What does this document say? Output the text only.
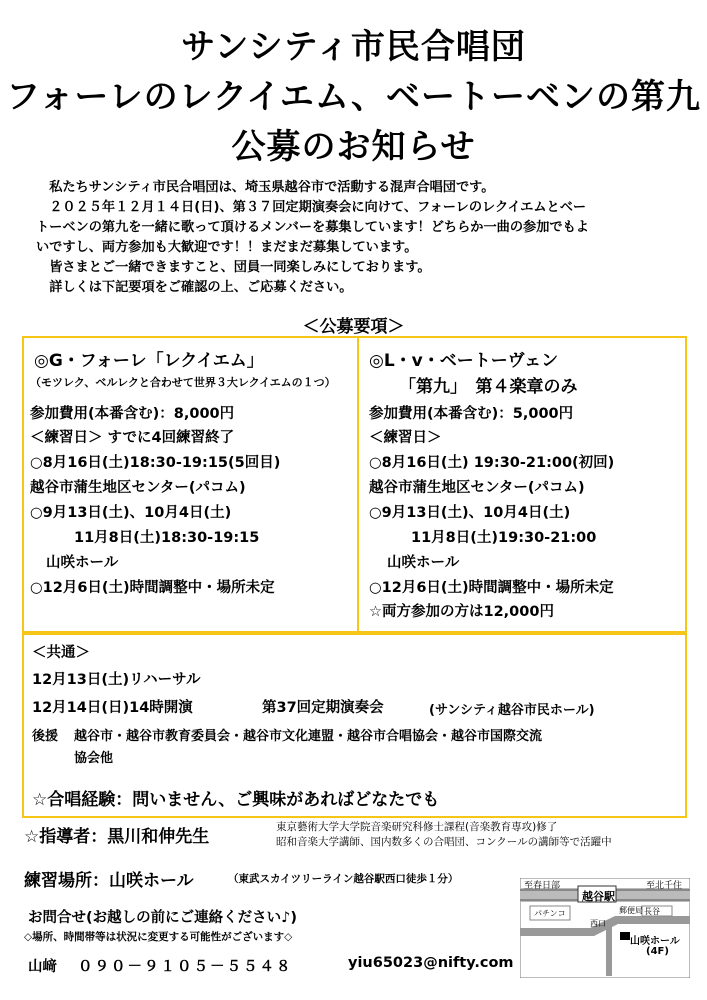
サンシティ市民合唱団
フォーレのレクイエム、ベートーベンの第九
公募のお知らせ

私たちサンシティ市民合唱団は、埼玉県越谷市で活動する混声合唱団です。

２０２５年１２月１４日(日)、第３７回定期演奏会に向けて、フォーレのレクイエムとベー

トーベンの第九を一緒に歌って頂けるメンバーを募集しています！どちらか一曲の参加でもよ

いですし、両方参加も大歓迎です！！まだまだ募集しています。

皆さまとご一緒できますこと、団員一同楽しみにしております。

詳しくは下記要項をご確認の上、ご応募ください。

＜公募要項＞
◎G・フォーレ「レクイエム」
（モツレク、ベルレクと合わせて世界３大レクイエムの１つ）
参加費用(本番含む)：8,000円
＜練習日＞ すでに4回練習終了
○8月16日(土)18:30-19:15(5回目)
越谷市蒲生地区センター(パコム)
○9月13日(土)、10月4日(土)
11月8日(土)18:30-19:15
山咲ホール
○12月6日(土)時間調整中・場所未定
◎L・v・ベートーヴェン
「第九」　第４楽章のみ
参加費用(本番含む)：5,000円
＜練習日＞
○8月16日(土) 19:30-21:00(初回)
越谷市蒲生地区センター(パコム)
○9月13日(土)、10月4日(土)
11月8日(土)19:30-21:00
山咲ホール
○12月6日(土)時間調整中・場所未定
☆両方参加の方は12,000円
＜共通＞
12月13日(土)リハーサル
12月14日(日)14時開演	第37回定期演奏会	(サンシティ越谷市民ホール)
後援 越谷市・越谷市教育委員会・越谷市文化連盟・越谷市合唱協会・越谷市国際交流
協会他
☆合唱経験：問いません、ご興味があればどなたでも
☆指導者：黒川和伸先生	東京藝術大学大学院音楽研究科修士課程(音楽教育専攻)修了
昭和音楽大学講師、国内数多くの合唱団、コンクールの講師等で活躍中
練習場所：山咲ホール	（東武スカイツリーライン越谷駅西口徒歩１分）
お問合せ(お越しの前にご連絡ください♪)
◇場所、時間帯等は状況に変更する可能性がございます◇
山﨑 ０９０－９１０５－５５４８	yiu65023@nifty.com
至春日部	至北千住
越谷駅
パチンコ	郵便局 長谷
西口
山咲ホール
(4F)
